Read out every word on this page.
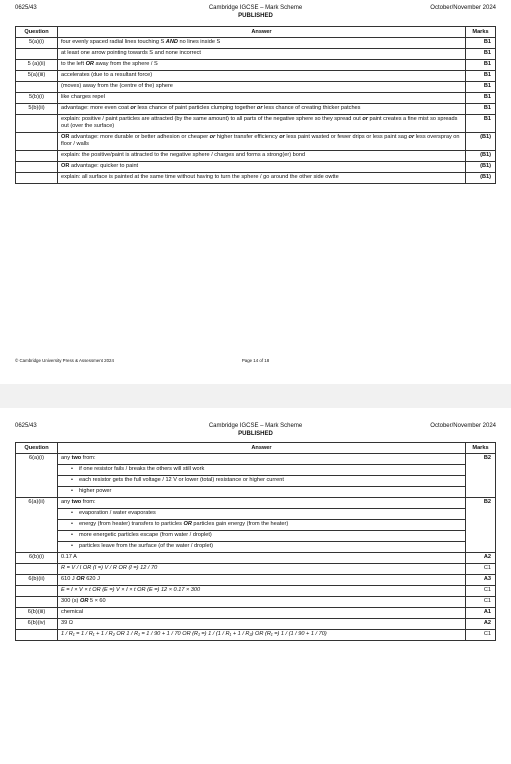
0625/43	Cambridge IGCSE – Mark Scheme
PUBLISHED
October/November 2024
Question	Answer	Marks
5(a)(i)	four evenly spaced radial lines touching S AND no lines inside S	B1
	at least one arrow pointing towards S and none incorrect	B1
5 (a)(ii)	to the left OR away from the sphere / S	B1
5(a)(iii)	accelerates (due to a resultant force)	B1
	(moves) away from the (centre of the) sphere	B1
5(b)(i)	like charges repel	B1
5(b)(ii)	advantage: more even coat or less chance of paint particles clumping together or less chance of creating thicker patches	B1
	explain: positive / paint particles are attracted (by the same amount) to all parts of the negative sphere so they spread out or paint creates a fine mist so spreads out (over the surface)	B1
	OR advantage: more durable or better adhesion or cheaper or higher transfer efficiency or less paint wasted or fewer drips or less paint sag or less overspray on floor / walls	(B1)
	explain: the positive/paint is attracted to the negative sphere / charges and forms a strong(er) bond	(B1)
	OR advantage: quicker to paint	(B1)
	explain: all surface is painted at the same time without having to turn the sphere / go around the other side owtte	(B1)
© Cambridge University Press & Assessment 2024	Page 14 of 18
0625/43	Cambridge IGCSE – Mark Scheme
PUBLISHED
October/November 2024
Question	Answer	Marks
6(a)(i)	any two from:	B2

	• if one resistor fails / breaks the others will still work	

	• each resistor gets the full voltage / 12 V or lower (total) resistance or higher current	

	• higher power	

6(a)(ii)	any two from:	B2

	• evaporation / water evaporates	

	• energy (from heater) transfers to particles OR particles gain energy (from the heater)	

	• more energetic particles escape (from water / droplet)	

	• particles leave from the surface (of the water / droplet)	

6(b)(i)	0.17 A	A2
	R = V / I OR (I =) V / R OR (I =) 12 / 70	C1
6(b)(ii)	610 J OR 620 J	A3
	E = I × V × t OR (E =) V × I × t OR (E =) 12 × 0.17 × 300	C1
	300 (s) OR 5 × 60	C1
6(b)(iii)	chemical	A1
6(b)(iv)	39 Ω	A2
	1 / R₁ = 1 / R₁ + 1 / R₂ OR 1 / R₁ = 1 / 90 + 1 / 70 OR (R₁ =) 1 / (1 / R₁ + 1 / R₂) OR (R₁ =) 1 / (1 / 90 + 1 / 70)	C1
